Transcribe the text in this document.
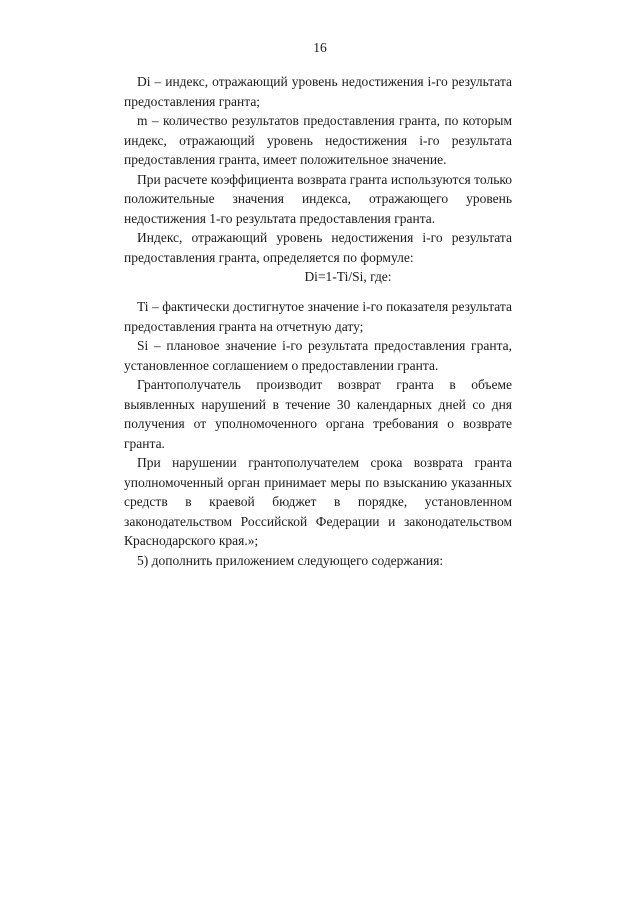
16

Di – индекс, отражающий уровень недостижения i-го результата предоставления гранта;

m – количество результатов предоставления гранта, по которым индекс, отражающий уровень недостижения i-го результата предоставления гранта, имеет положительное значение.

При расчете коэффициента возврата гранта используются только положительные значения индекса, отражающего уровень недостижения 1-го результата предоставления гранта.

Индекс, отражающий уровень недостижения i-го результата предоставления гранта, определяется по формуле:

Di=1-Ti/Si, где:

Ti – фактически достигнутое значение i-го показателя результата предоставления гранта на отчетную дату;

Si – плановое значение i-го результата предоставления гранта, установленное соглашением о предоставлении гранта.

Грантополучатель производит возврат гранта в объеме выявленных нарушений в течение 30 календарных дней со дня получения от уполномоченного органа требования о возврате гранта.

При нарушении грантополучателем срока возврата гранта уполномоченный орган принимает меры по взысканию указанных средств в краевой бюджет в порядке, установленном законодательством Российской Федерации и законодательством Краснодарского края.»;

5) дополнить приложением следующего содержания:
